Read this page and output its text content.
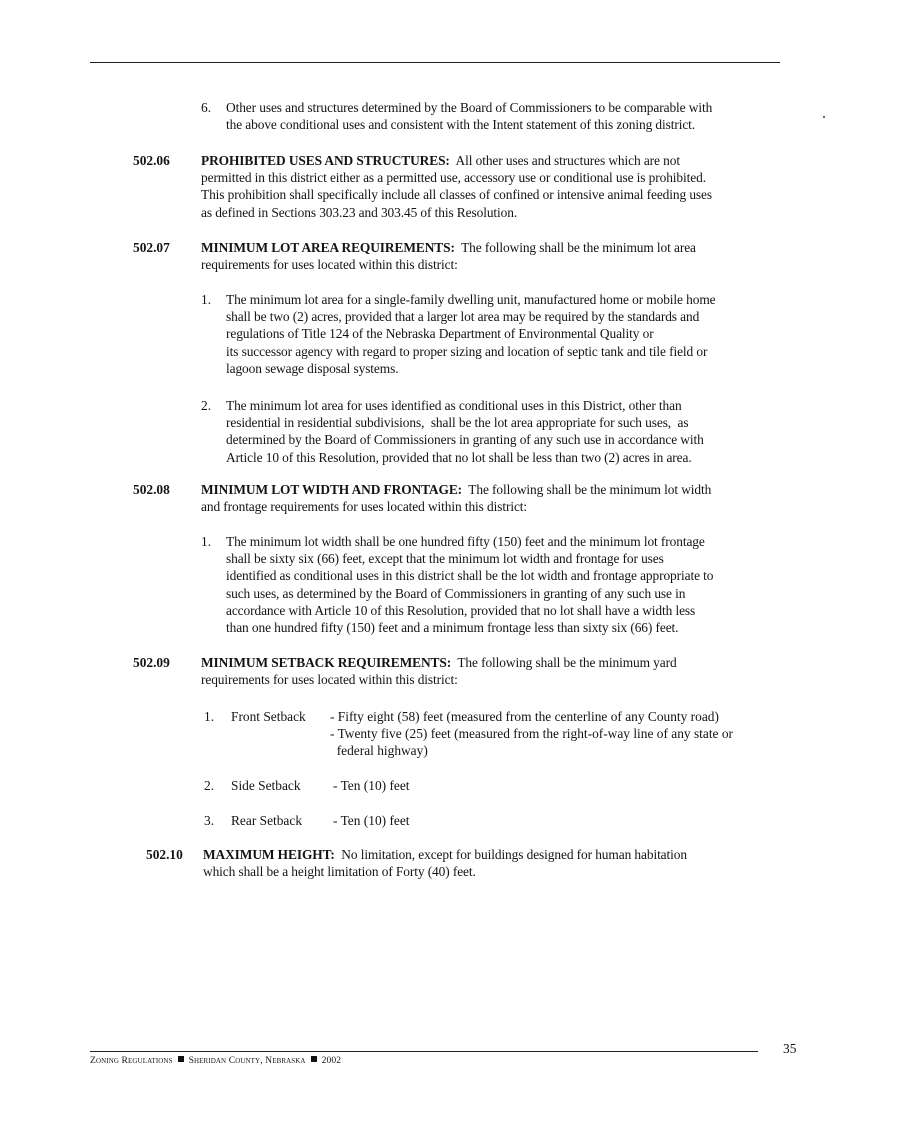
6. Other uses and structures determined by the Board of Commissioners to be comparable with
the above conditional uses and consistent with the Intent statement of this zoning district.
502.06 PROHIBITED USES AND STRUCTURES: All other uses and structures which are not
permitted in this district either as a permitted use, accessory use or conditional use is prohibited.
This prohibition shall specifically include all classes of confined or intensive animal feeding uses
as defined in Sections 303.23 and 303.45 of this Resolution.
502.07 MINIMUM LOT AREA REQUIREMENTS: The following shall be the minimum lot area
requirements for uses located within this district:
1. The minimum lot area for a single-family dwelling unit, manufactured home or mobile home
shall be two (2) acres, provided that a larger lot area may be required by the standards and
regulations of Title 124 of the Nebraska Department of Environmental Quality or
its successor agency with regard to proper sizing and location of septic tank and tile field or
lagoon sewage disposal systems.
2. The minimum lot area for uses identified as conditional uses in this District, other than
residential in residential subdivisions,  shall be the lot area appropriate for such uses,  as
determined by the Board of Commissioners in granting of any such use in accordance with
Article 10 of this Resolution, provided that no lot shall be less than two (2) acres in area.
502.08 MINIMUM LOT WIDTH AND FRONTAGE: The following shall be the minimum lot width
and frontage requirements for uses located within this district:
1. The minimum lot width shall be one hundred fifty (150) feet and the minimum lot frontage
shall be sixty six (66) feet, except that the minimum lot width and frontage for uses
identified as conditional uses in this district shall be the lot width and frontage appropriate to
such uses, as determined by the Board of Commissioners in granting of any such use in
accordance with Article 10 of this Resolution, provided that no lot shall have a width less
than one hundred fifty (150) feet and a minimum frontage less than sixty six (66) feet.
502.09 MINIMUM SETBACK REQUIREMENTS: The following shall be the minimum yard
requirements for uses located within this district:
1. Front Setback - Fifty eight (58) feet (measured from the centerline of any County road)
- Twenty five (25) feet (measured from the right-of-way line of any state or
federal highway)
2. Side Setback - Ten (10) feet
3. Rear Setback - Ten (10) feet
502.10 MAXIMUM HEIGHT: No limitation, except for buildings designed for human habitation
which shall be a height limitation of Forty (40) feet.
Zoning Regulations Sheridan County, Nebraska 2002
35
